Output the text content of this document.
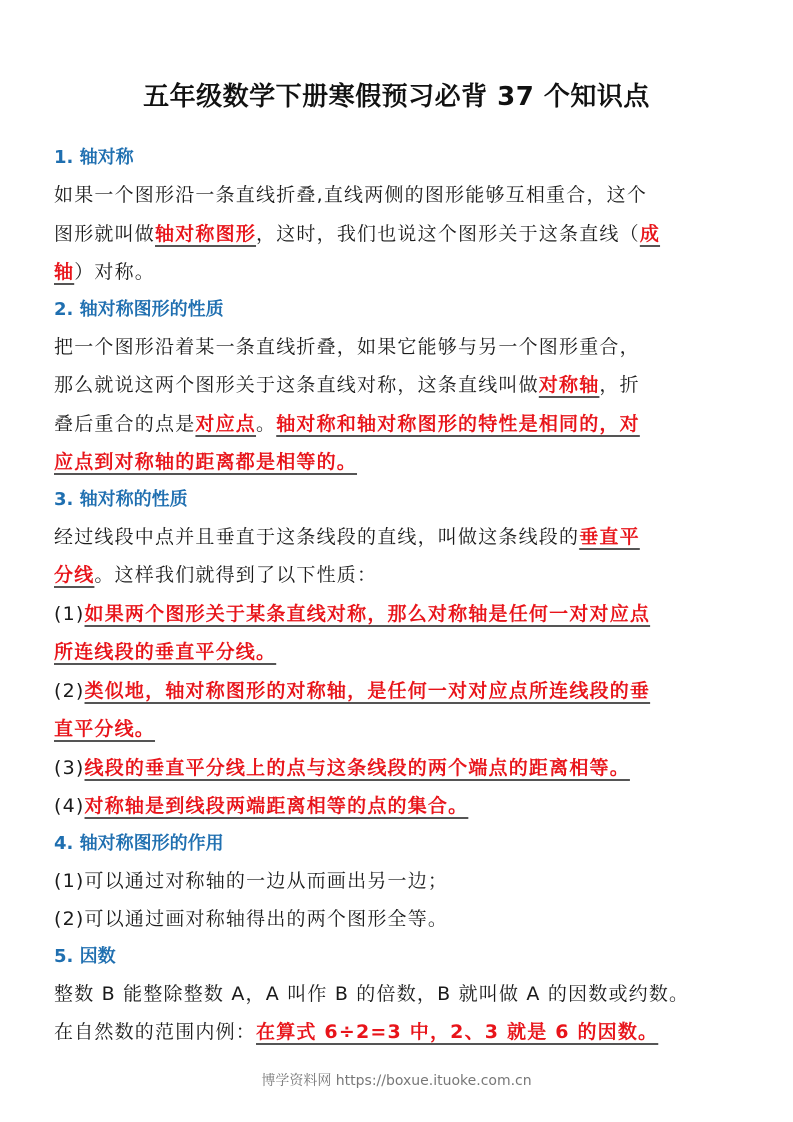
五年级数学下册寒假预习必背 37 个知识点
1. 轴对称
如果一个图形沿一条直线折叠,直线两侧的图形能够互相重合，这个
图形就叫做轴对称图形，这时，我们也说这个图形关于这条直线（成
轴）对称。
2. 轴对称图形的性质
把一个图形沿着某一条直线折叠，如果它能够与另一个图形重合，
那么就说这两个图形关于这条直线对称，这条直线叫做对称轴，折
叠后重合的点是对应点。轴对称和轴对称图形的特性是相同的，对
应点到对称轴的距离都是相等的。
3. 轴对称的性质
经过线段中点并且垂直于这条线段的直线，叫做这条线段的垂直平
分线。这样我们就得到了以下性质：
(1)如果两个图形关于某条直线对称，那么对称轴是任何一对对应点
所连线段的垂直平分线。
(2)类似地，轴对称图形的对称轴，是任何一对对应点所连线段的垂
直平分线。
(3)线段的垂直平分线上的点与这条线段的两个端点的距离相等。
(4)对称轴是到线段两端距离相等的点的集合。
4. 轴对称图形的作用
(1)可以通过对称轴的一边从而画出另一边；
(2)可以通过画对称轴得出的两个图形全等。
5. 因数
整数 B 能整除整数 A，A 叫作 B 的倍数，B 就叫做 A 的因数或约数。
在自然数的范围内例：在算式 6÷2=3 中，2、3 就是 6 的因数。
博学资料网 https://boxue.ituoke.com.cn
